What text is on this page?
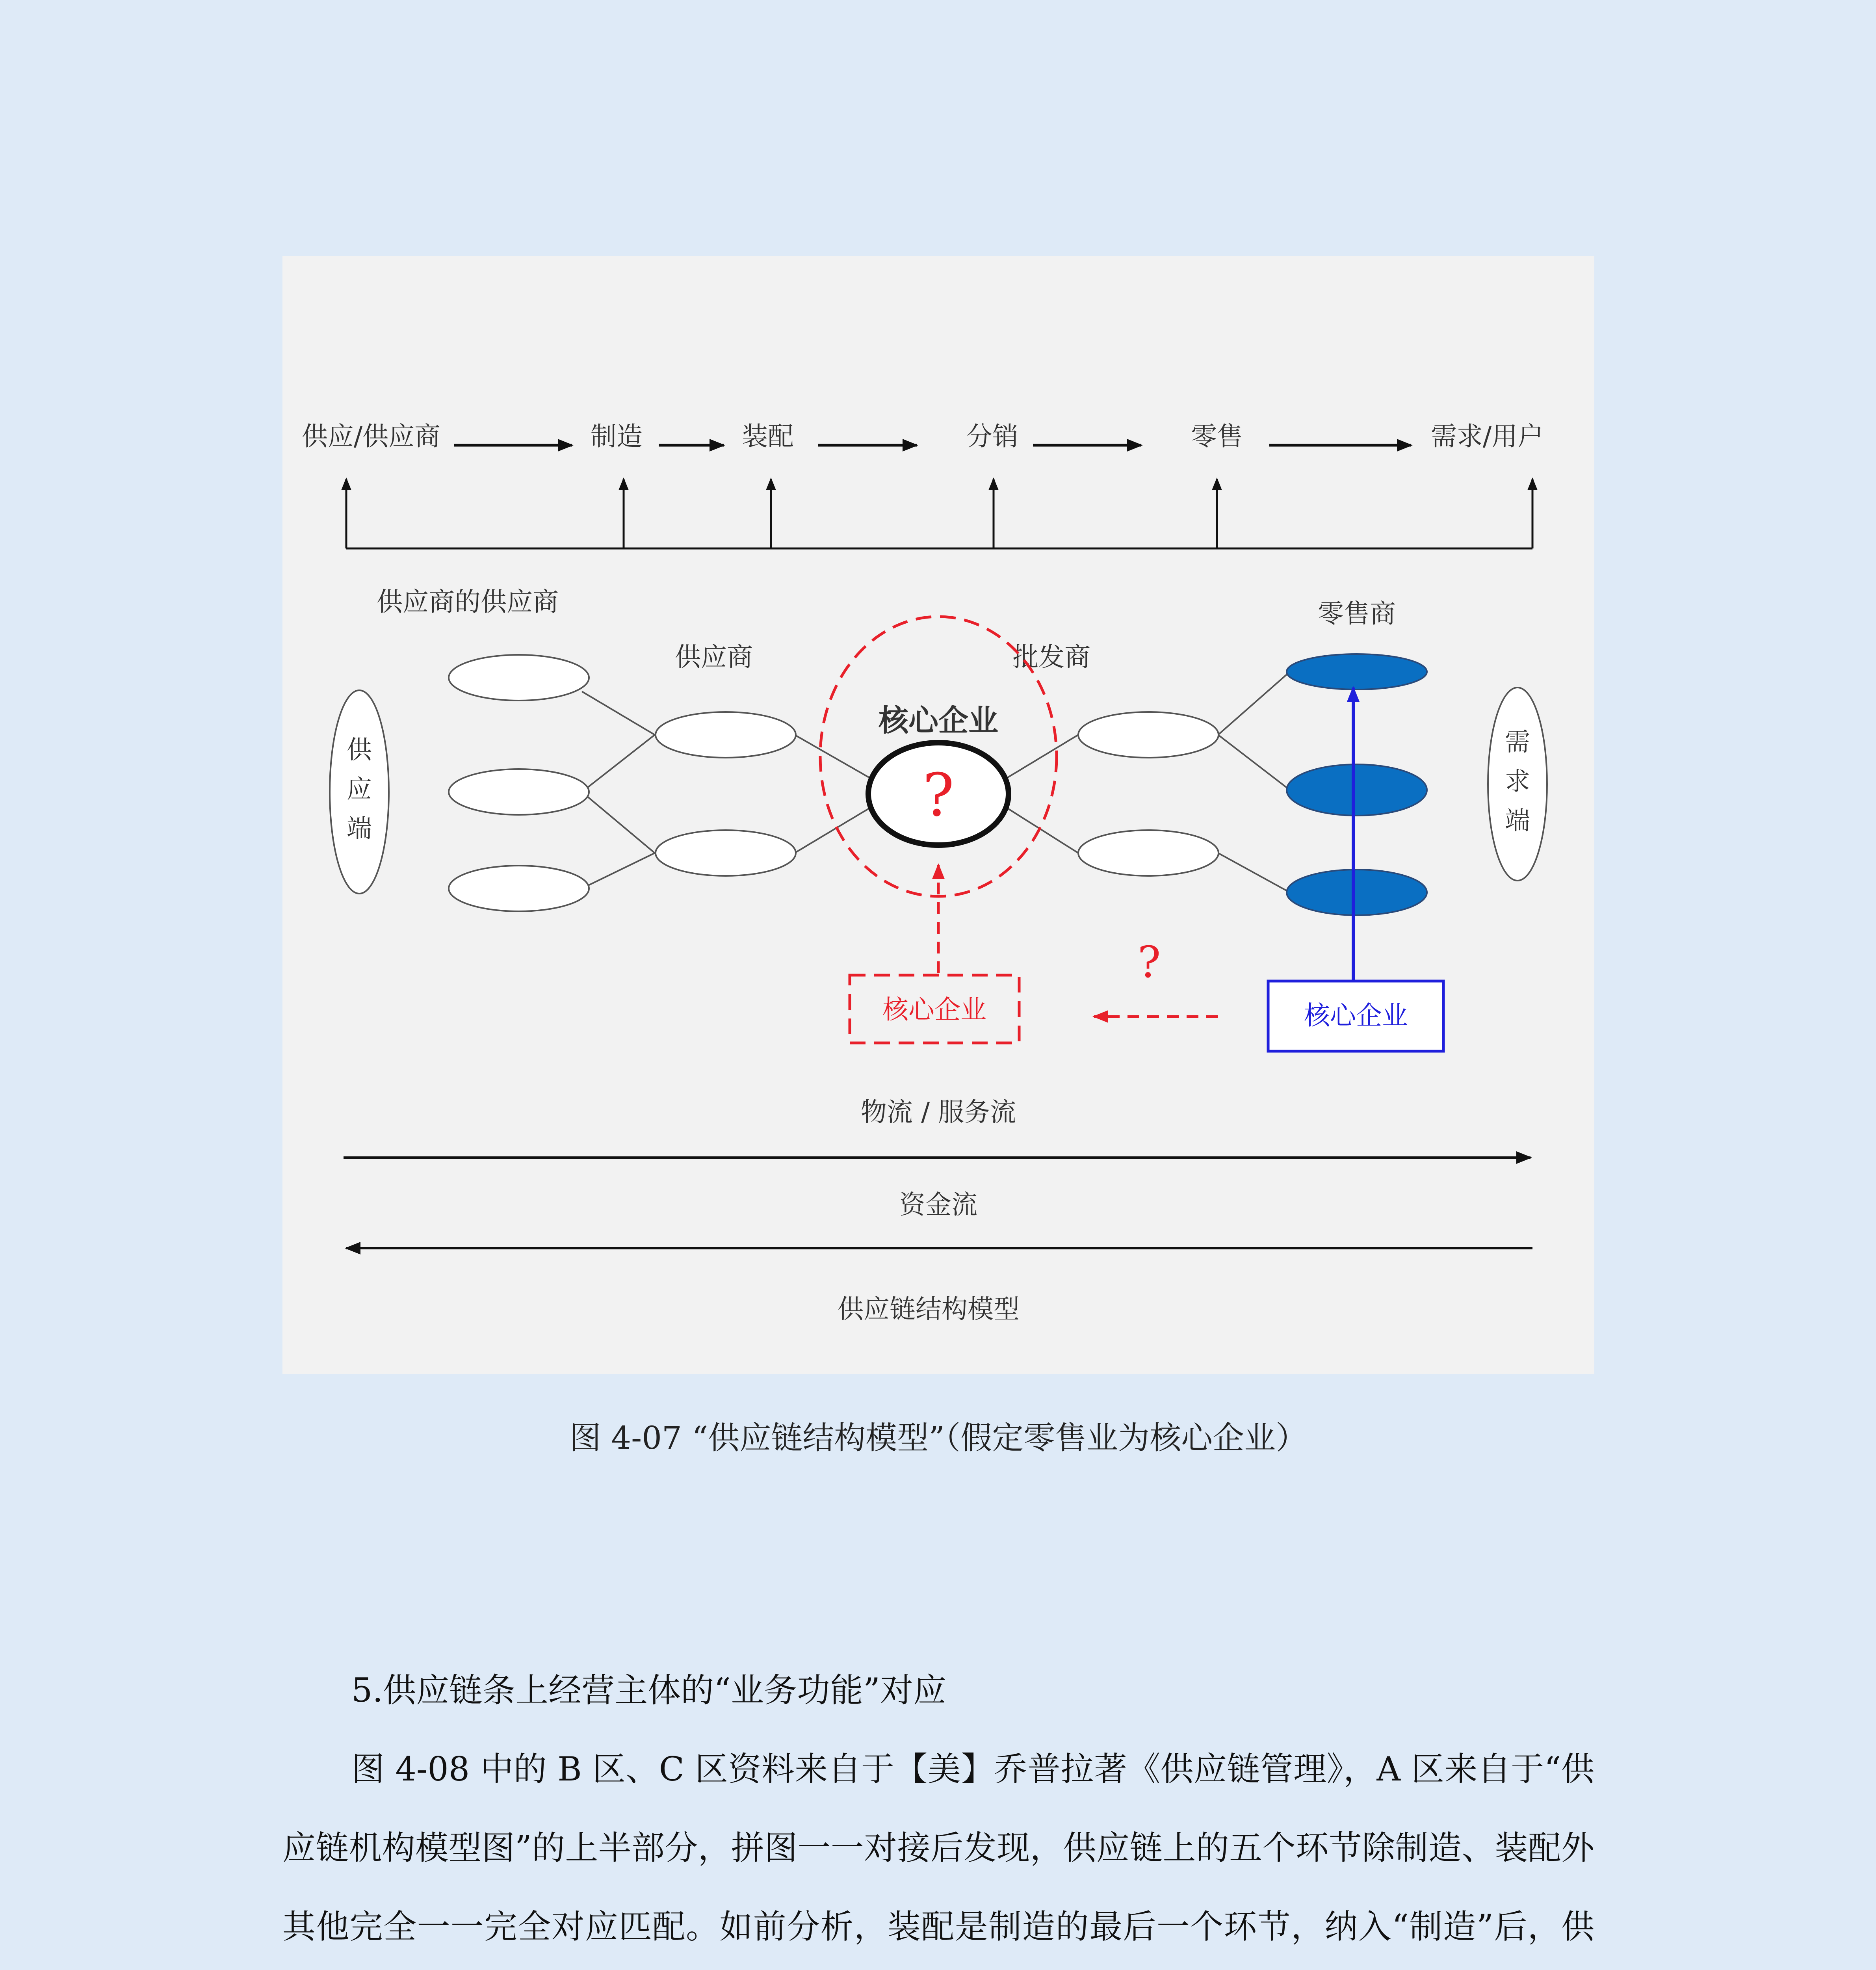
供应/供应商	制造	装配	分销	零售	需求/用户
供应商的供应商
供应商	批发商
零售商
供
应
端
需
求
端
核心企业
?
核心企业
?
核心企业
物流 / 服务流
资金流
供应链结构模型
图 4-07 “供应链结构模型”（假定零售业为核心企业）

5.供应链条上经营主体的“业务功能”对应

图 4-08 中的 B 区、C 区资料来自于【美】乔普拉著《供应链管理》，A 区来自于“供应链机构模型图”的上半部分，拼图一一对接后发现，供应链上的五个环节除制造、装配外其他完全一一完全对应匹配。如前分析，装配是制造的最后一个环节，纳入“制造”后，供
